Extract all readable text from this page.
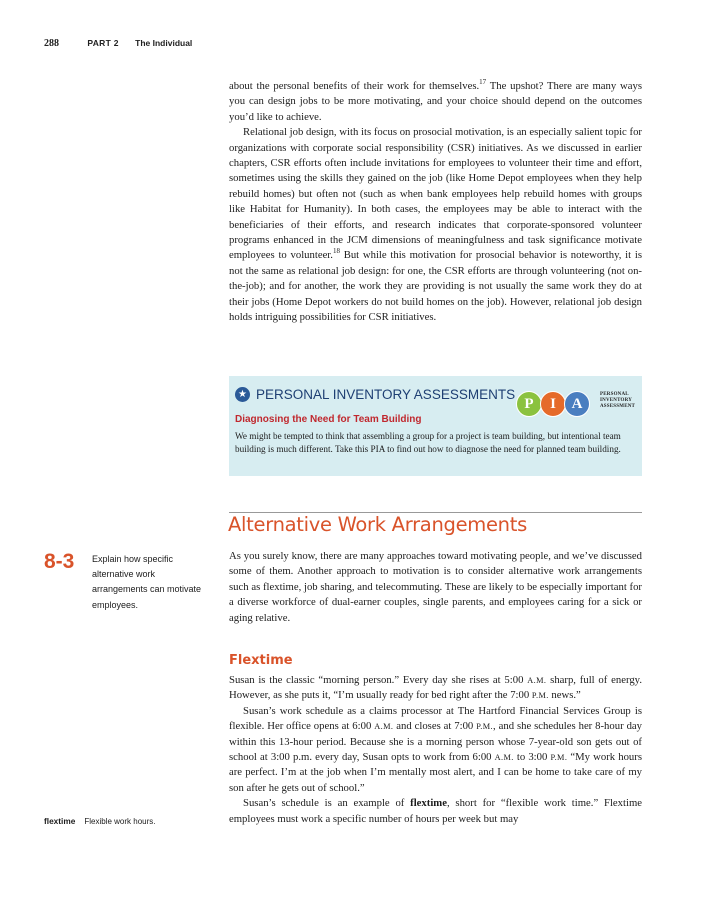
288	PART 2 The Individual

about the personal benefits of their work for themselves.$^{17}$ The upshot? There are many ways you can design jobs to be more motivating, and your choice should depend on the outcomes you’d like to achieve.

Relational job design, with its focus on prosocial motivation, is an especially salient topic for organizations with corporate social responsibility (CSR) initiatives. As we discussed in earlier chapters, CSR efforts often include invitations for employees to volunteer their time and effort, sometimes using the skills they gained on the job (like Home Depot employees when they help rebuild homes) but often not (such as when bank employees help rebuild homes with groups like Habitat for Humanity). In both cases, the employees may be able to interact with the beneficiaries of their efforts, and research indicates that corporate-sponsored volunteer programs enhanced in the JCM dimensions of meaningfulness and task significance motivate employees to volunteer.$^{18}$ But while this motivation for prosocial behavior is noteworthy, it is not the same as relational job design: for one, the CSR efforts are through volunteering (not on-the-job); and for another, the work they are providing is not usually the same work they do at their jobs (Home Depot workers do not build homes on the job). However, relational job design holds intriguing possibilities for CSR initiatives.

★ PERSONAL INVENTORY ASSESSMENTS
P	I	A
PERSONAL
INVENTORY
ASSESSMENT
Diagnosing the Need for Team Building

We might be tempted to think that assembling a group for a project is team building, but intentional team building is much different. Take this PIA to find out how to diagnose the need for planned team building.

Alternative Work Arrangements
8-3 Explain how specific alternative work arrangements can motivate employees.

As you surely know, there are many approaches toward motivating people, and we’ve discussed some of them. Another approach to motivation is to consider alternative work arrangements such as flextime, job sharing, and telecommuting. These are likely to be especially important for a diverse workforce of dual-earner couples, single parents, and employees caring for a sick or aging relative.

Flextime

Susan is the classic “morning person.” Every day she rises at 5:00 A.M. sharp, full of energy. However, as she puts it, “I’m usually ready for bed right after the 7:00 P.M. news.”

Susan’s work schedule as a claims processor at The Hartford Financial Services Group is flexible. Her office opens at 6:00 A.M. and closes at 7:00 P.M., and she schedules her 8-hour day within this 13-hour period. Because she is a morning person whose 7-year-old son gets out of school at 3:00 p.m. every day, Susan opts to work from 6:00 A.M. to 3:00 P.M. “My work hours are perfect. I’m at the job when I’m mentally most alert, and I can be home to take care of my son after he gets out of school.”

Susan’s schedule is an example of flextime, short for “flexible work time.” Flextime employees must work a specific number of hours per week but may

flextime Flexible work hours.
